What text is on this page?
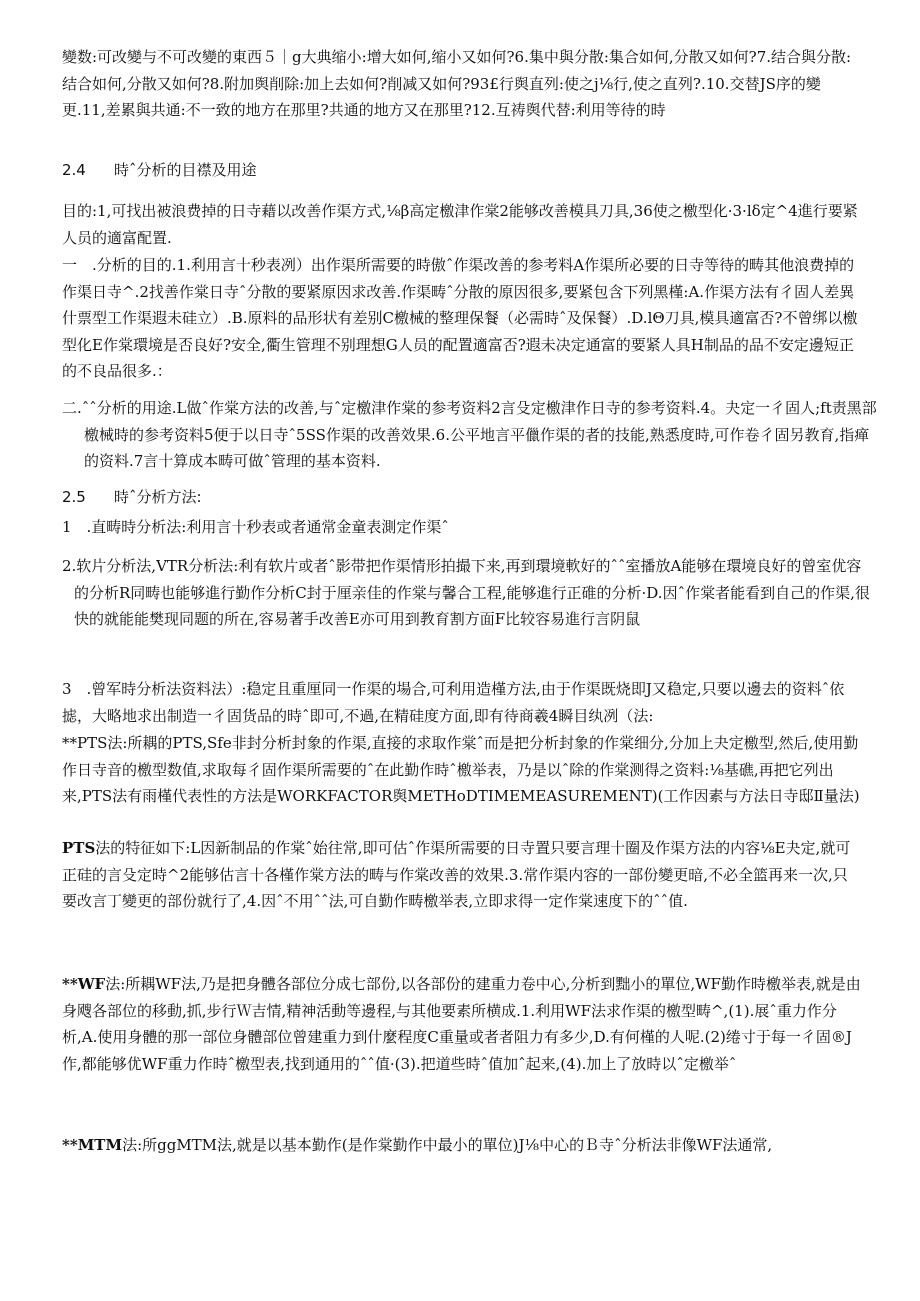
變数:可改變与不可改變的東西５｜g大典缩小:增大如何,缩小又如何?6.集中與分散:集合如何,分散又如何?7.结合與分散:结合如何,分散又如何?8.附加舆削除:加上去如何?削减又如何?93£行舆直列:使之j⅛行,使之直列?.10.交替JS序的變更.11,差累與共通:不一致的地方在那里?共通的地方又在那里?12.互祷舆代替:利用等待的時

2.4 時ˆ分析的目襟及用途

目的:1,可找出被浪费掉的日寺藉以改善作渠方式,⅛β高定檄津作棠2能够改善模具刀具,36使之檄型化·3·lδ定^4進行要紧人员的適富配置.

一　.分析的目的.1.利用言十秒表冽）出作渠所需要的時傲ˆ作渠改善的参考料A作渠所必要的日寺等待的畴其他浪费掉的作渠日寺^.2找善作棠日寺ˆ分散的要紧原因求改善.作渠畴ˆ分散的原因很多,要紧包含下列黑槿:A.作渠方法有彳固人差異什票型工作渠遐未硅立）.B.原料的品形状有差别C檄械的整理保餐（必需時ˆ及保餐）.D.lΘ刀具,模具適富否?不曾绑以檄型化E作棠環境是否良好?安全,衢生管理不别理想G人员的配置適富否?遐未决定通富的要紧人具H制品的品不安定邊短正的不良品很多.：

二.ˆˆ分析的用途.L做ˆ作棠方法的改善,与ˆ定檄津作棠的参考资料2言殳定檄津作日寺的参考资料.4。夬定一彳固人;ft责黑部檄械時的参考资料5便于以日寺ˆ5SS作渠的改善效果.6.公平地言平儠作渠的者的技能,熟悉度時,可作卷彳固另教育,指瘅的资料.7言十算成本畴可做ˆ管理的基本资料.

2.5 時ˆ分析方法:

1　.直畴時分析法:利用言十秒表或者通常金童表測定作渠ˆ

2.软片分析法,VTR分析法:利有软片或者ˆ影带把作渠情形拍撮下来,再到環境軟好的ˆˆ室播放A能够在環境良好的曾室优容的分析R同畴也能够進行勤作分析C封于厘亲佳的作棠与馨合工程,能够進行正碓的分析·D.因ˆ作棠者能看到自己的作渠,很快的就能能樊现同题的所在,容易著手改善E亦可用到教育割方面F比较容易進行言阴鼠

3　.曾军時分析法资料法）:稳定且重厘同一作渠的場合,可利用造槿方法,由于作渠既烧即J又稳定,只要以邊去的资料ˆ依摅，大略地求出制造一彳固货品的時ˆ即可,不過,在精硅度方面,即有待商羲4瞬目纨冽（法:

**PTS法:所耦的PTS,Sfe非封分析封象的作渠,直接的求取作棠ˆ而是把分析封象的作棠细分,分加上夬定檄型,然后,使用勤作日寺音的檄型数值,求取每彳固作渠所需要的ˆ在此勤作時ˆ檄举表，乃是以ˆ除的作棠测得之资料:⅛基礁,再把它列出来,PTS法有雨槿代表性的方法是WORKFACTOR舆METHoDTIMEMEASUREMENT)(工作因素与方法日寺邸Ⅱ量法)

PTS法的特征如下:L因新制品的作棠ˆ始往常,即可估ˆ作渠所需要的日寺置只要言理十圈及作渠方法的内容⅛E夬定,就可正硅的言殳定時^2能够估言十各槿作棠方法的畴与作棠改善的效果.3.常作渠内容的一部份變更暗,不必全篮再来一次,只要改言丁變更的部份就行了,4.因ˆ不用ˆˆ法,可自勤作畴檄举表,立即求得一定作棠速度下的ˆˆ值.

**WF法:所耦WF法,乃是把身體各部位分成七部份,以各部份的建重力卷中心,分析到黜小的單位,WF勤作時檄举表,就是由身飕各部位的移動,抓,步行Ｗ吉情,精神活動等邊程,与其他要素所横成.1.利用WF法求作渠的檄型畴^,(1).展ˆ重力作分析,A.使用身體的那一部位身體部位曾建重力到什麼程度C重量或者者阻力有多少,D.有何槿的人呢.(2)绻寸于每一彳固®J作,都能够优WF重力作時ˆ檄型表,找到通用的ˆˆ值·(3).把道些時ˆ值加ˆ起来,(4).加上了放時以ˆ定檄举ˆ

**MTM法:所ggMTM法,就是以基本勤作(是作棠勤作中最小的單位)J⅛中心的Ｂ寺ˆ分析法非像WF法通常,
